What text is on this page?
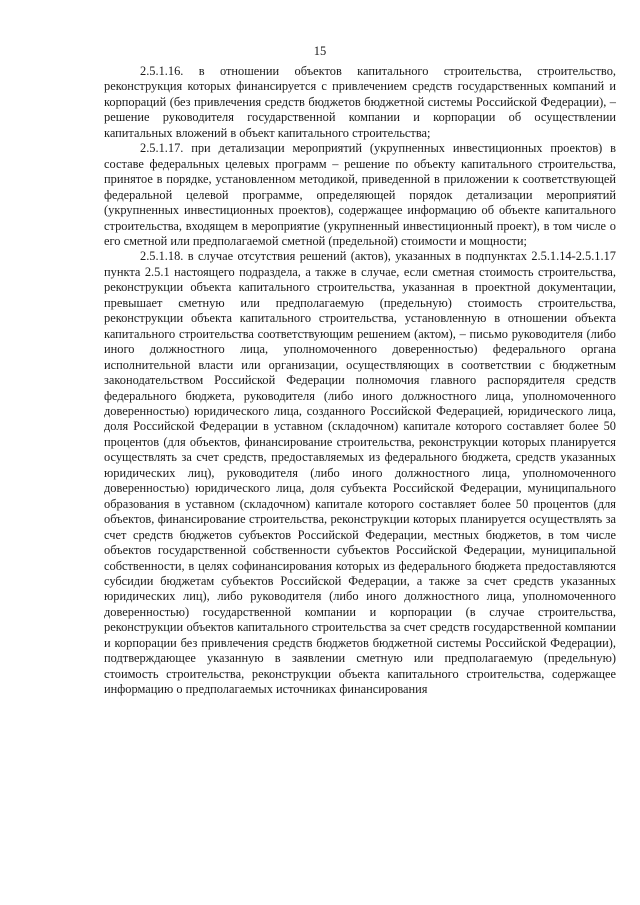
15

2.5.1.16. в отношении объектов капитального строительства, строительство, реконструкция которых финансируется с привлечением средств государственных компаний и корпораций (без привлечения средств бюджетов бюджетной системы Российской Федерации), – решение руководителя государственной компании и корпорации об осуществлении капитальных вложений в объект капитального строительства;

2.5.1.17. при детализации мероприятий (укрупненных инвестиционных проектов) в составе федеральных целевых программ – решение по объекту капитального строительства, принятое в порядке, установленном методикой, приведенной в приложении к соответствующей федеральной целевой программе, определяющей порядок детализации мероприятий (укрупненных инвестиционных проектов), содержащее информацию об объекте капитального строительства, входящем в мероприятие (укрупненный инвестиционный проект), в том числе о его сметной или предполагаемой сметной (предельной) стоимости и мощности;

2.5.1.18. в случае отсутствия решений (актов), указанных в подпунктах 2.5.1.14-2.5.1.17 пункта 2.5.1 настоящего подраздела, а также в случае, если сметная стоимость строительства, реконструкции объекта капитального строительства, указанная в проектной документации, превышает сметную или предполагаемую (предельную) стоимость строительства, реконструкции объекта капитального строительства, установленную в отношении объекта капитального строительства соответствующим решением (актом), – письмо руководителя (либо иного должностного лица, уполномоченного доверенностью) федерального органа исполнительной власти или организации, осуществляющих в соответствии с бюджетным законодательством Российской Федерации полномочия главного распорядителя средств федерального бюджета, руководителя (либо иного должностного лица, уполномоченного доверенностью) юридического лица, созданного Российской Федерацией, юридического лица, доля Российской Федерации в уставном (складочном) капитале которого составляет более 50 процентов (для объектов, финансирование строительства, реконструкции которых планируется осуществлять за счет средств, предоставляемых из федерального бюджета, средств указанных юридических лиц), руководителя (либо иного должностного лица, уполномоченного доверенностью) юридического лица, доля субъекта Российской Федерации, муниципального образования в уставном (складочном) капитале которого составляет более 50 процентов (для объектов, финансирование строительства, реконструкции которых планируется осуществлять за счет средств бюджетов субъектов Российской Федерации, местных бюджетов, в том числе объектов государственной собственности субъектов Российской Федерации, муниципальной собственности, в целях софинансирования которых из федерального бюджета предоставляются субсидии бюджетам субъектов Российской Федерации, а также за счет средств указанных юридических лиц), либо руководителя (либо иного должностного лица, уполномоченного доверенностью) государственной компании и корпорации (в случае строительства, реконструкции объектов капитального строительства за счет средств государственной компании и корпорации без привлечения средств бюджетов бюджетной системы Российской Федерации), подтверждающее указанную в заявлении сметную или предполагаемую (предельную) стоимость строительства, реконструкции объекта капитального строительства, содержащее информацию о предполагаемых источниках финансирования
